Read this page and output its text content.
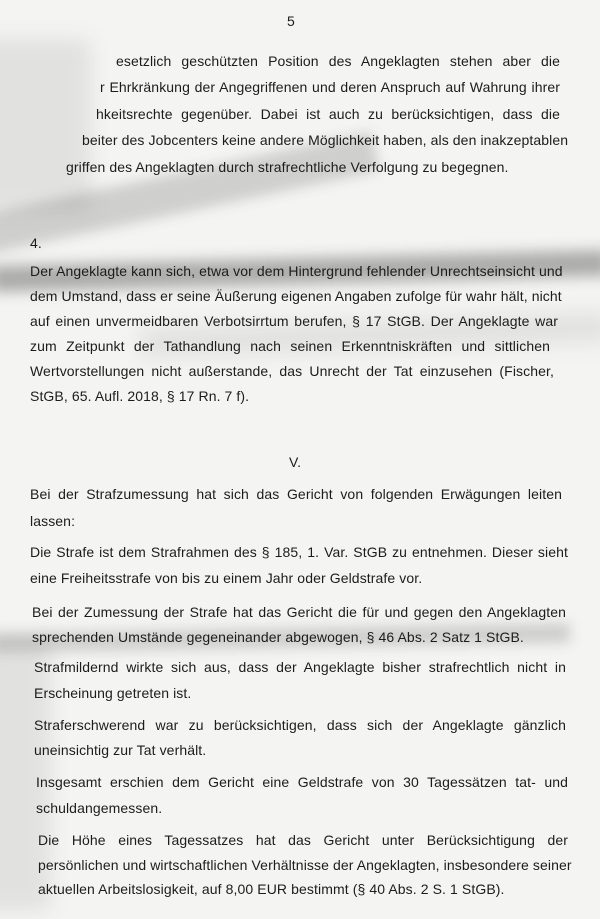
5

esetzlich geschützten Position des Angeklagten stehen aber die

r Ehrkränkung der Angegriffenen und deren Anspruch auf Wahrung ihrer

hkeitsrechte gegenüber. Dabei ist auch zu berücksichtigen, dass die

beiter des Jobcenters keine andere Möglichkeit haben, als den inakzeptablen

griffen des Angeklagten durch strafrechtliche Verfolgung zu begegnen.

4.

Der Angeklagte kann sich, etwa vor dem Hintergrund fehlender Unrechtseinsicht und

dem Umstand, dass er seine Äußerung eigenen Angaben zufolge für wahr hält, nicht

auf einen unvermeidbaren Verbotsirrtum berufen, § 17 StGB. Der Angeklagte war

zum Zeitpunkt der Tathandlung nach seinen Erkenntniskräften und sittlichen

Wertvorstellungen nicht außerstande, das Unrecht der Tat einzusehen (Fischer,

StGB, 65. Aufl. 2018, § 17 Rn. 7 f).

V.

Bei der Strafzumessung hat sich das Gericht von folgenden Erwägungen leiten

lassen:

Die Strafe ist dem Strafrahmen des § 185, 1. Var. StGB zu entnehmen. Dieser sieht

eine Freiheitsstrafe von bis zu einem Jahr oder Geldstrafe vor.

Bei der Zumessung der Strafe hat das Gericht die für und gegen den Angeklagten

sprechenden Umstände gegeneinander abgewogen, § 46 Abs. 2 Satz 1 StGB.

Strafmildernd wirkte sich aus, dass der Angeklagte bisher strafrechtlich nicht in

Erscheinung getreten ist.

Straferschwerend war zu berücksichtigen, dass sich der Angeklagte gänzlich

uneinsichtig zur Tat verhält.

Insgesamt erschien dem Gericht eine Geldstrafe von 30 Tagessätzen tat- und

schuldangemessen.

Die Höhe eines Tagessatzes hat das Gericht unter Berücksichtigung der

persönlichen und wirtschaftlichen Verhältnisse der Angeklagten, insbesondere seiner

aktuellen Arbeitslosigkeit, auf 8,00 EUR bestimmt (§ 40 Abs. 2 S. 1 StGB).
